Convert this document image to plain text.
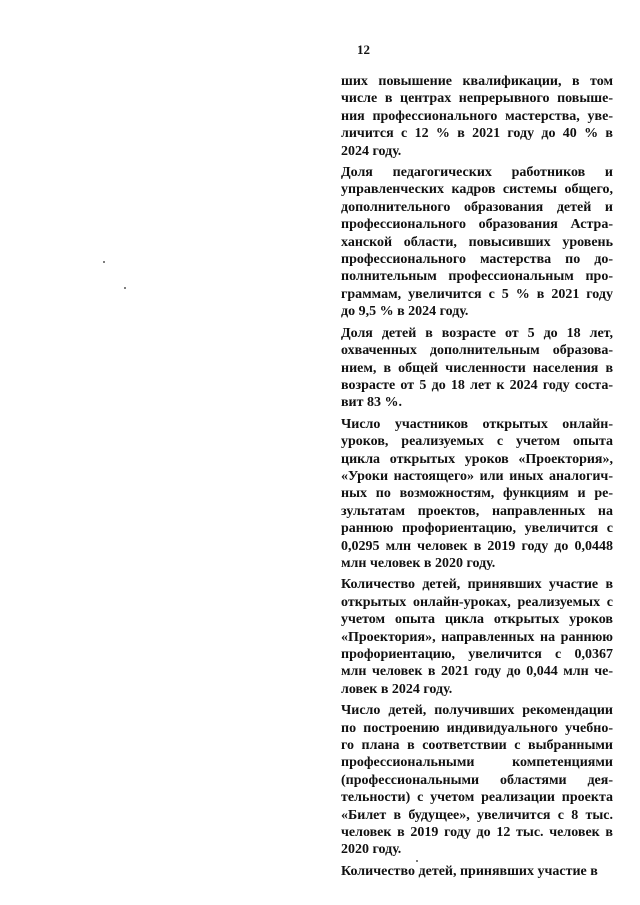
12
ших повышение квалификации, в том
числе в центрах непрерывного повыше-
ния профессионального мастерства, уве-
личится с 12 % в 2021 году до 40 % в
2024 году.
Доля педагогических работников и
управленческих кадров системы общего,
дополнительного образования детей и
профессионального образования Астра-
ханской области, повысивших уровень
профессионального мастерства по до-
полнительным профессиональным про-
граммам, увеличится с 5 % в 2021 году
до 9,5 % в 2024 году.
Доля детей в возрасте от 5 до 18 лет,
охваченных дополнительным образова-
нием, в общей численности населения в
возрасте от 5 до 18 лет к 2024 году соста-
вит 83 %.
Число участников открытых онлайн-
уроков, реализуемых с учетом опыта
цикла открытых уроков «Проектория»,
«Уроки настоящего» или иных аналогич-
ных по возможностям, функциям и ре-
зультатам проектов, направленных на
раннюю профориентацию, увеличится с
0,0295 млн человек в 2019 году до 0,0448
млн человек в 2020 году.
Количество детей, принявших участие в
открытых онлайн-уроках, реализуемых с
учетом опыта цикла открытых уроков
«Проектория», направленных на раннюю
профориентацию, увеличится с 0,0367
млн человек в 2021 году до 0,044 млн че-
ловек в 2024 году.
Число детей, получивших рекомендации
по построению индивидуального учебно-
го плана в соответствии с выбранными
профессиональными компетенциями
(профессиональными областями дея-
тельности) с учетом реализации проекта
«Билет в будущее», увеличится с 8 тыс.
человек в 2019 году до 12 тыс. человек в
2020 году.
Количество детей, принявших участие в
